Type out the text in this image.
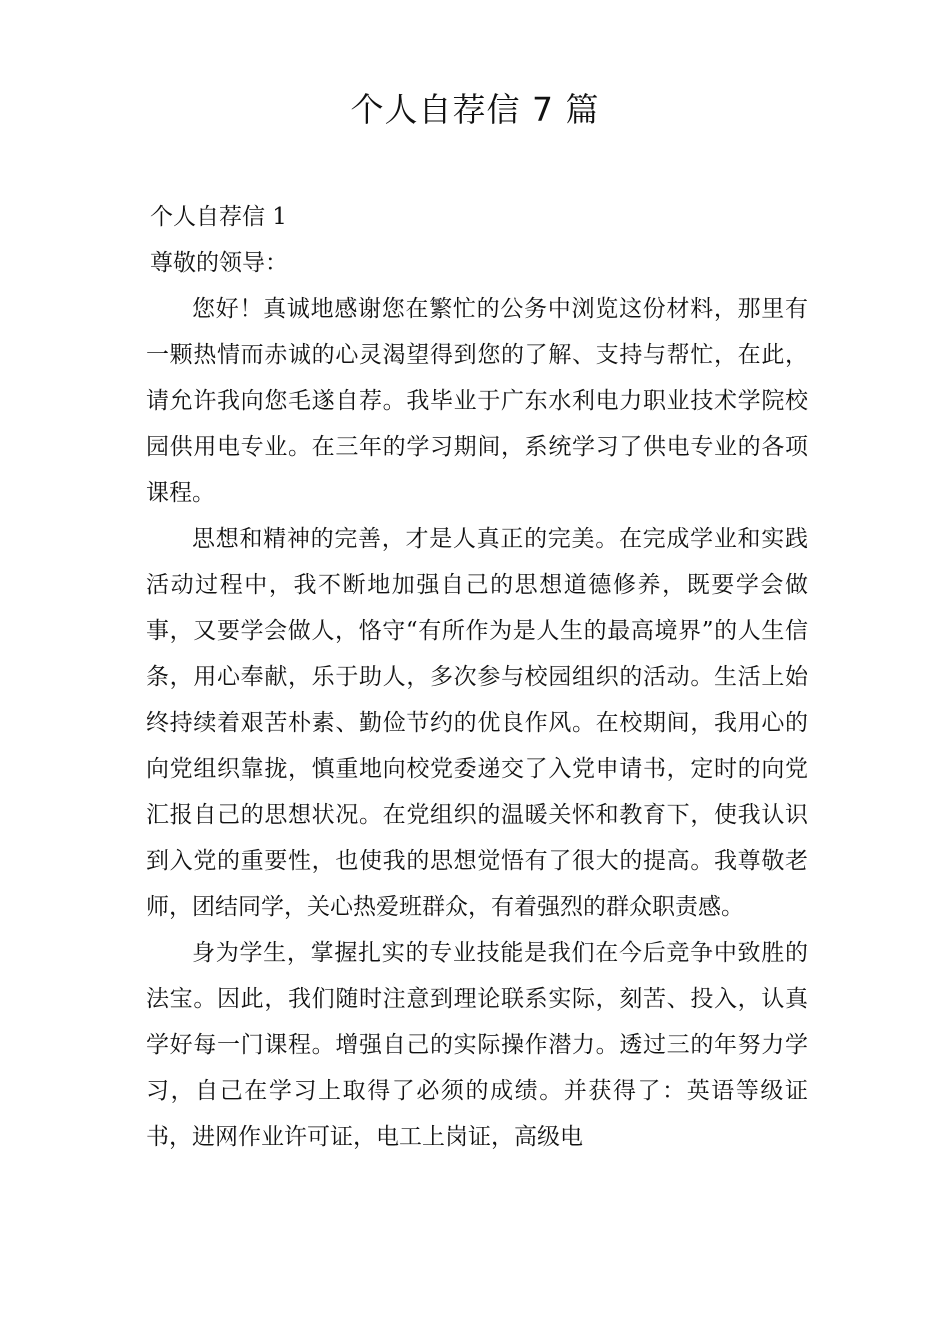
个人自荐信 7 篇

个人自荐信 1

尊敬的领导：

您好！真诚地感谢您在繁忙的公务中浏览这份材料，那里有一颗热情而赤诚的心灵渴望得到您的了解、支持与帮忙，在此，请允许我向您毛遂自荐。我毕业于广东水利电力职业技术学院校园供用电专业。在三年的学习期间，系统学习了供电专业的各项课程。

思想和精神的完善，才是人真正的完美。在完成学业和实践活动过程中，我不断地加强自己的思想道德修养，既要学会做事，又要学会做人，恪守“有所作为是人生的最高境界”的人生信条，用心奉献，乐于助人，多次参与校园组织的活动。生活上始终持续着艰苦朴素、勤俭节约的优良作风。在校期间，我用心的向党组织靠拢，慎重地向校党委递交了入党申请书，定时的向党汇报自己的思想状况。在党组织的温暖关怀和教育下，使我认识到入党的重要性，也使我的思想觉悟有了很大的提高。我尊敬老师，团结同学，关心热爱班群众，有着强烈的群众职责感。

身为学生，掌握扎实的专业技能是我们在今后竞争中致胜的法宝。因此，我们随时注意到理论联系实际，刻苦、投入，认真学好每一门课程。增强自己的实际操作潜力。透过三的年努力学习，自己在学习上取得了必须的成绩。并获得了：英语等级证书，进网作业许可证，电工上岗证，高级电
